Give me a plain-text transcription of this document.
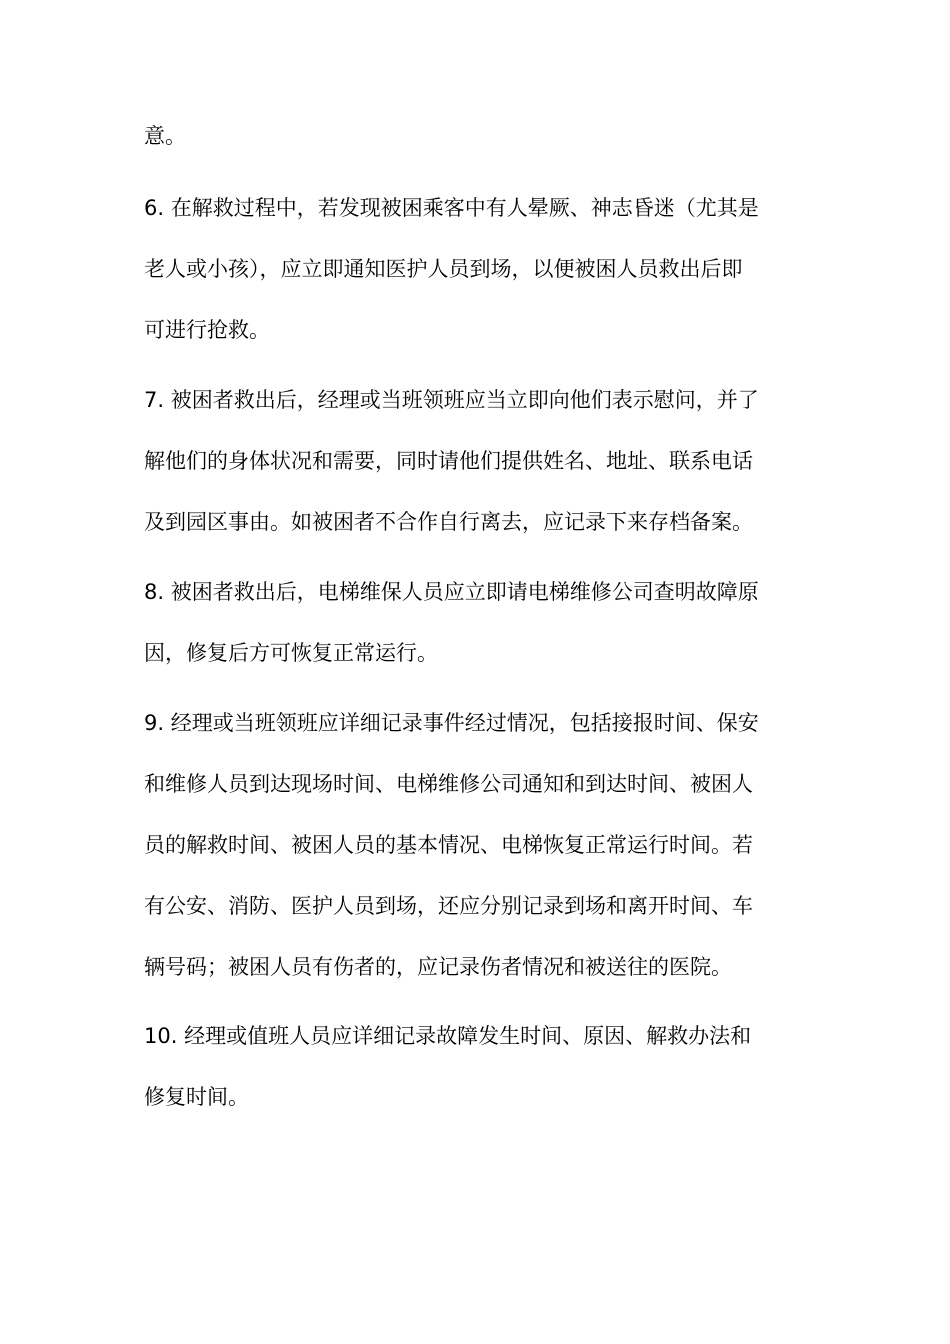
意。
6. 在解救过程中，若发现被困乘客中有人晕厥、神志昏迷（尤其是
老人或小孩），应立即通知医护人员到场，以便被困人员救出后即
可进行抢救。
7. 被困者救出后，经理或当班领班应当立即向他们表示慰问，并了
解他们的身体状况和需要，同时请他们提供姓名、地址、联系电话
及到园区事由。如被困者不合作自行离去，应记录下来存档备案。
8. 被困者救出后，电梯维保人员应立即请电梯维修公司查明故障原
因，修复后方可恢复正常运行。
9. 经理或当班领班应详细记录事件经过情况，包括接报时间、保安
和维修人员到达现场时间、电梯维修公司通知和到达时间、被困人
员的解救时间、被困人员的基本情况、电梯恢复正常运行时间。若
有公安、消防、医护人员到场，还应分别记录到场和离开时间、车
辆号码；被困人员有伤者的，应记录伤者情况和被送往的医院。
10. 经理或值班人员应详细记录故障发生时间、原因、解救办法和
修复时间。
